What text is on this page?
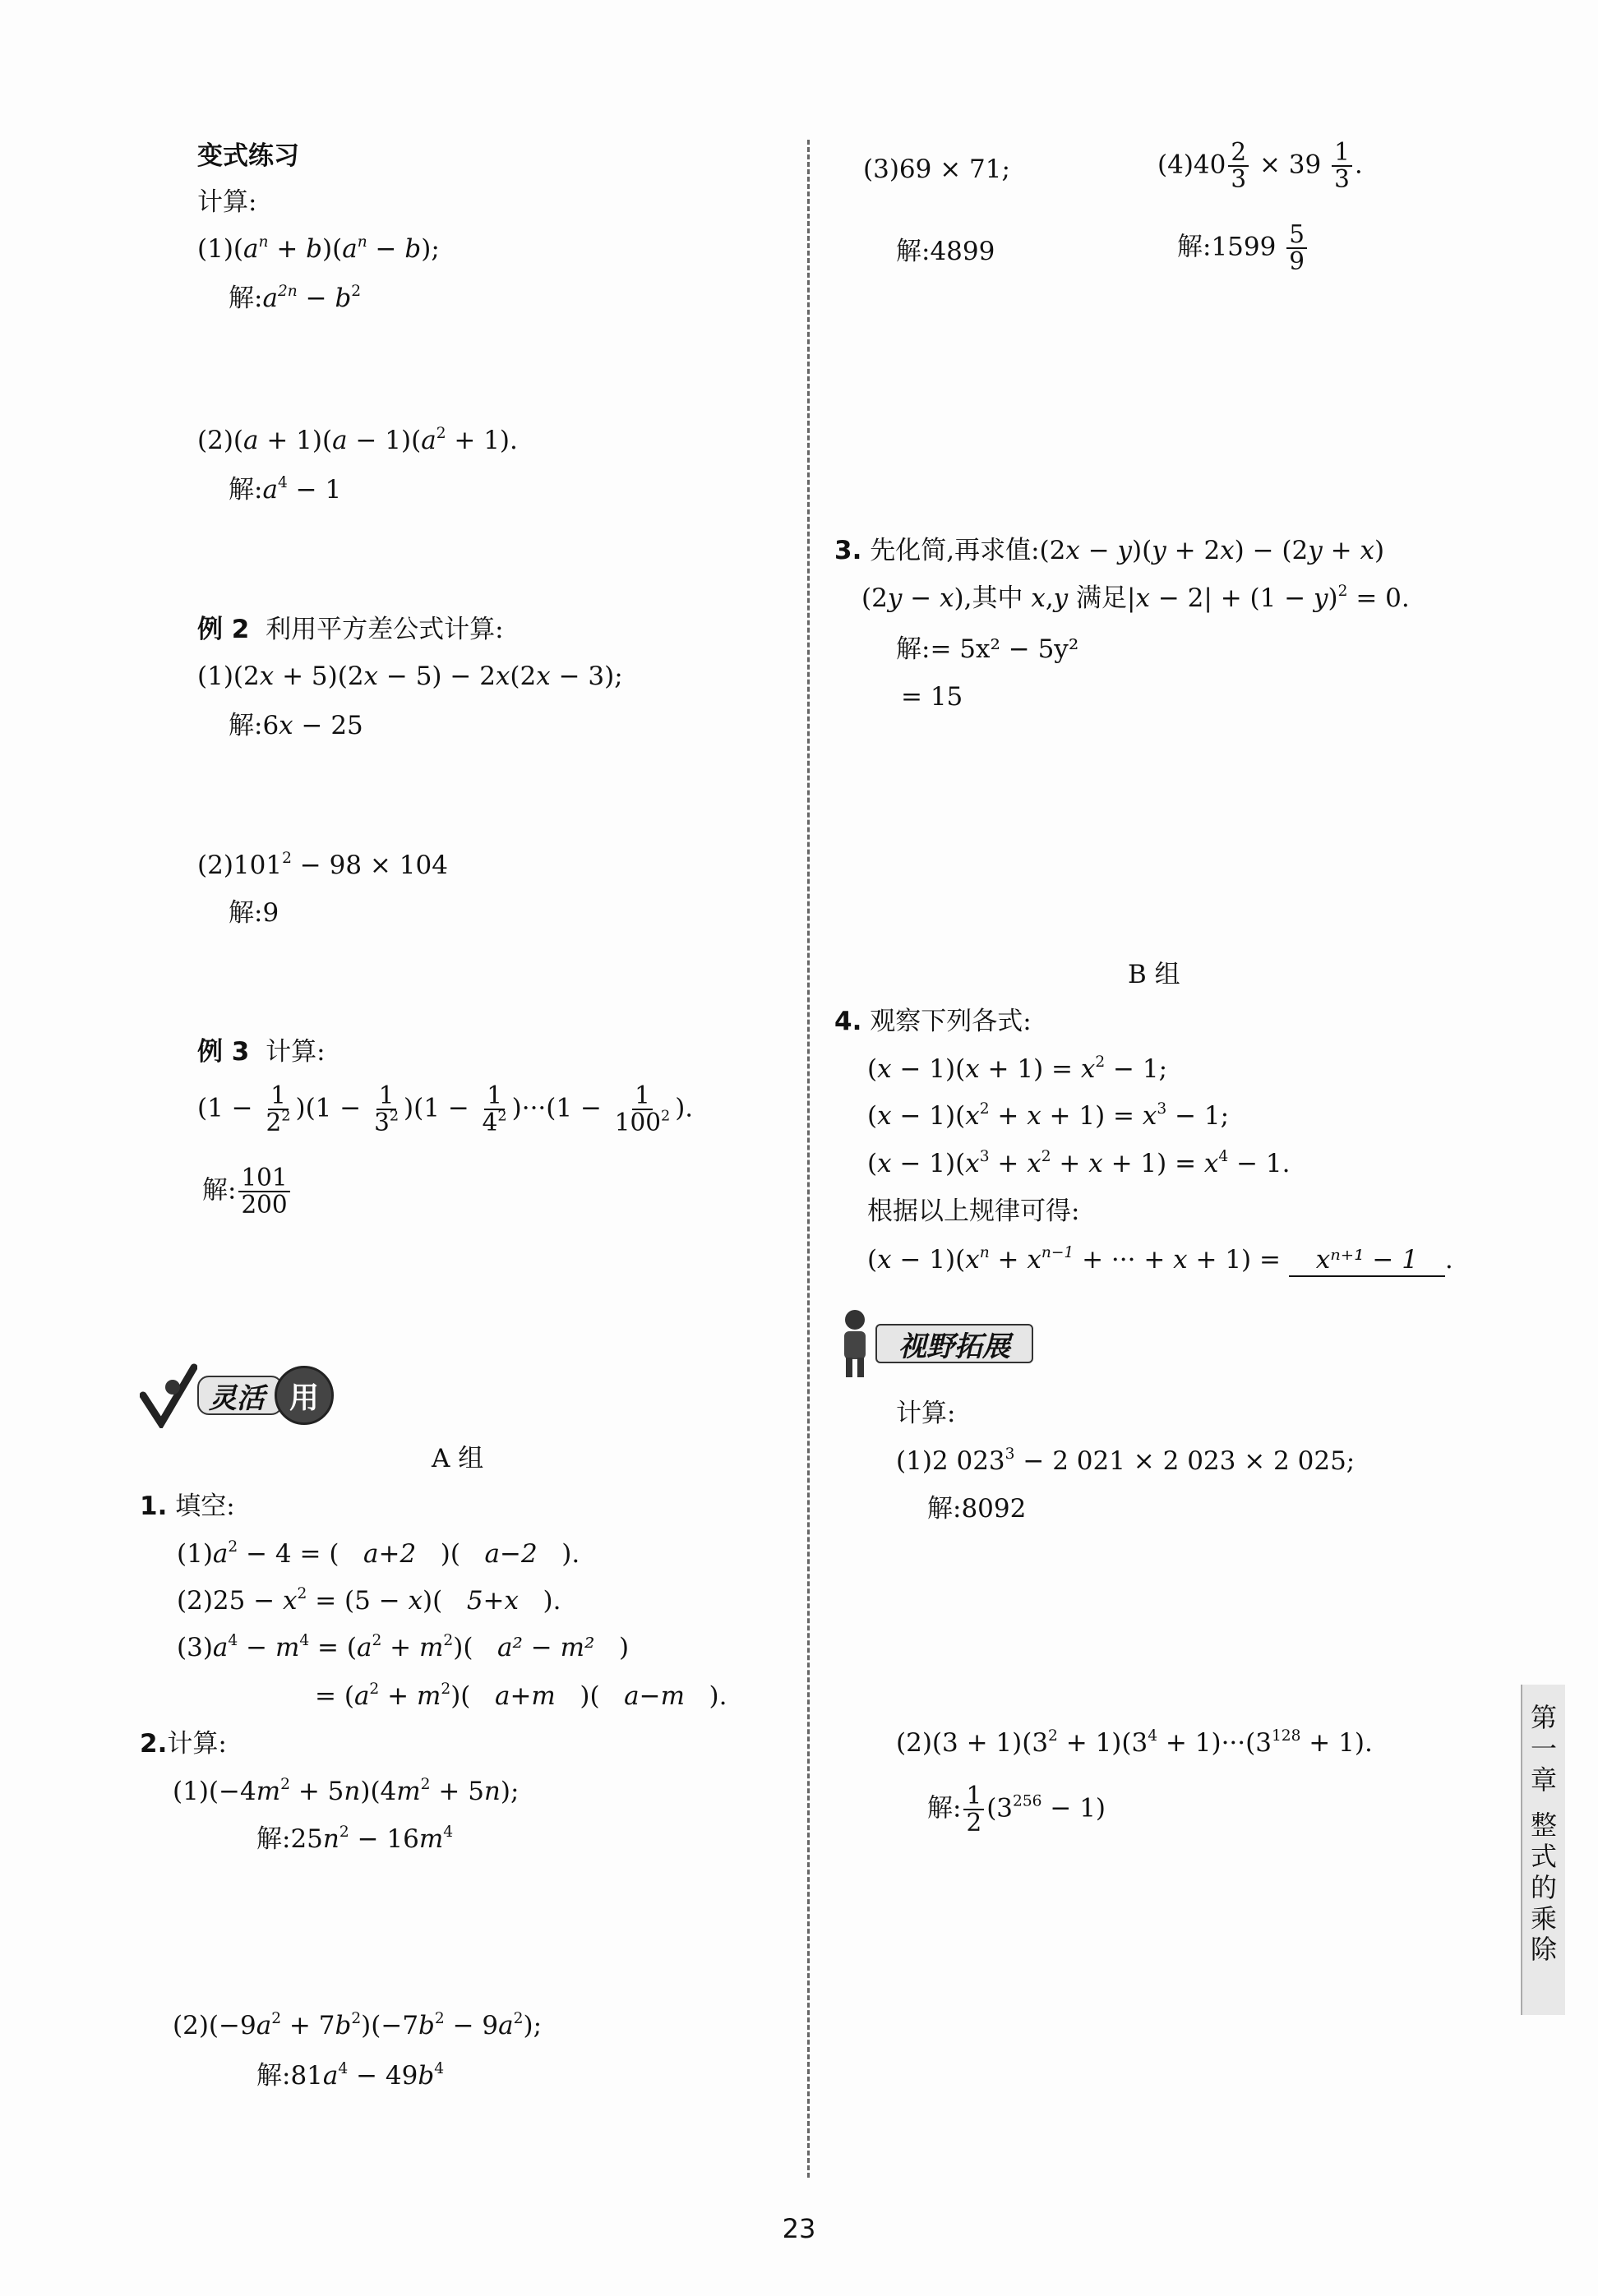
变式练习
计算:
$(1)(a^n + b)(a^n - b)$;
解$:a^{2n} - b^2$
$(2)(a + 1)(a - 1)(a^2 + 1)$.
解$:a^4 - 1$
例 2 利用平方差公式计算:
(1)(2x + 5)(2x − 5) − 2x(2x − 3);
解:6x − 25
$(2)101^2 - 98 \times 104$
解:9
例 3 计算:
$(1 - \frac{1}{2^2} )(1 - \frac{1}{3^2} )(1 - \frac{1}{4^2} )\cdot\cdot\cdot(1 - \frac{1}{100^2}$ ).
解: $\frac{101}{200}$
灵活 用
A 组
1. 填空:
$(1)a^2 - 4$ = (   a+2   )(   a−2   ).
$(2)25 - x^2 = (5 - x)$(   5+x   ).
$(3)a^4 - m^4 = (a^2 + m^2)$(   a² − m²   )
= $(a^2 + m^2)$(   a+m   )(   a−m   ).
2.计算:
$(1)(-4m^2 + 5n)(4m^2 + 5n)$;
解$:25n^2 - 16m^4$
$(2)(-9a^2 + 7b^2)(-7b^2 - 9a^2)$;
解$:81a^4 - 49b^4$
(3)69 × 71;	$(4)40 \frac{2}{3} \times 39 \frac{1}{3}$ .
解:4899	解:1599 $\frac{5}{9}$
3. 先化简,再求值:(2x − y)(y + 2x) − (2y + x)
(2y − x),其中 x,y 满足$|x - 2| + (1 - y)^2 = 0$.
解:= 5x² − 5y²
= 15
B 组
4. 观察下列各式:
$(x - 1)(x + 1) = x^2 - 1$;
$(x - 1)(x^2 + x + 1) = x^3 - 1$;
$(x - 1)(x^3 + x^2 + x + 1) = x^4 - 1$.
根据以上规律可得:
$(x - 1)(x^n + x^{n-1}$ + ··· + x + 1) = xⁿ⁺¹ − 1 .
视野拓展
计算:
(1)2 $023^3 - 2$ 021 × 2 023 × 2 025;
解:8092
$(2)(3 + 1)(3^2 + 1)(3^4 + 1)\cdot\cdot\cdot(3^{128} + 1)$.
解: $\frac{1}{2} (3^{256} - 1)$
第
一
章
整
式
的
乘
除
23
